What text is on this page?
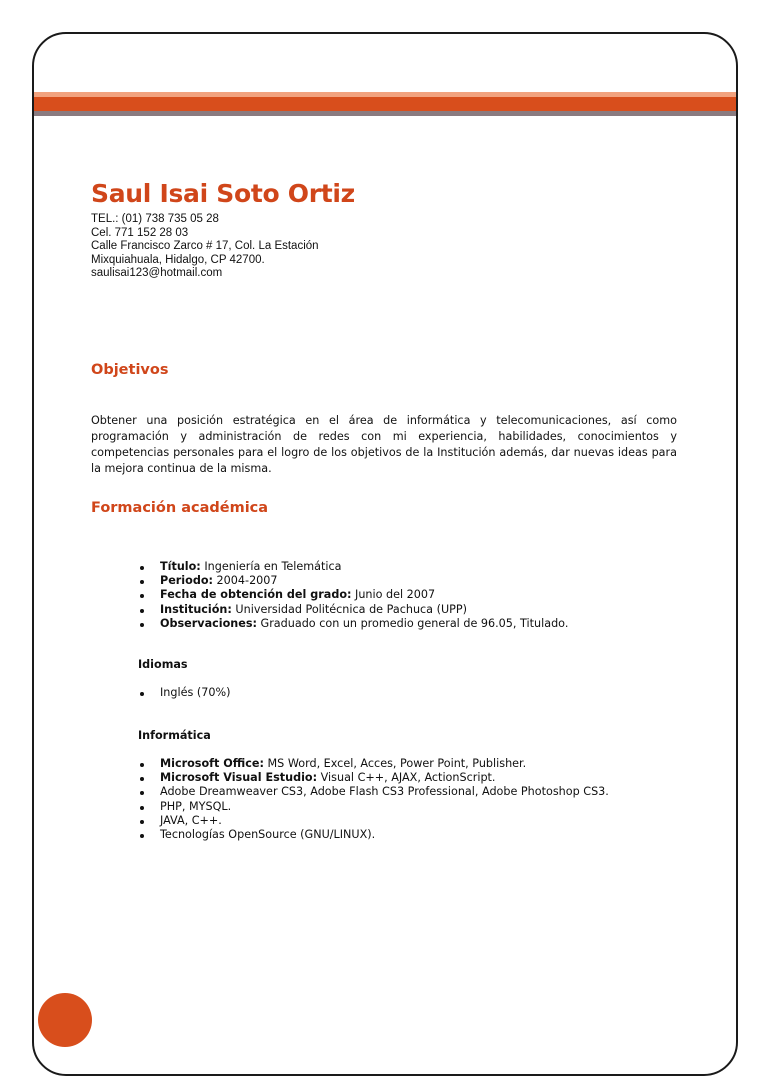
Saul Isai Soto Ortiz
TEL.: (01) 738 735 05 28
Cel. 771 152 28 03
Calle Francisco Zarco # 17, Col. La Estación
Mixquiahuala, Hidalgo, CP 42700.
saulisai123@hotmail.com
Objetivos

Obtener una posición estratégica en el área de informática y telecomunicaciones, así como programación y administración de redes con mi experiencia, habilidades, conocimientos y competencias personales para el logro de los objetivos de la Institución además, dar nuevas ideas para la mejora continua de la misma.

Formación académica
Título: Ingeniería en Telemática
Periodo: 2004-2007
Fecha de obtención del grado: Junio del 2007
Institución: Universidad Politécnica de Pachuca (UPP)
Observaciones: Graduado con un promedio general de 96.05, Titulado.
Idiomas
Inglés (70%)
Informática
Microsoft Office: MS Word, Excel, Acces, Power Point, Publisher.
Microsoft Visual Estudio: Visual C++, AJAX, ActionScript.
Adobe Dreamweaver CS3, Adobe Flash CS3 Professional, Adobe Photoshop CS3.
PHP, MYSQL.
JAVA, C++.
Tecnologías OpenSource (GNU/LINUX).
